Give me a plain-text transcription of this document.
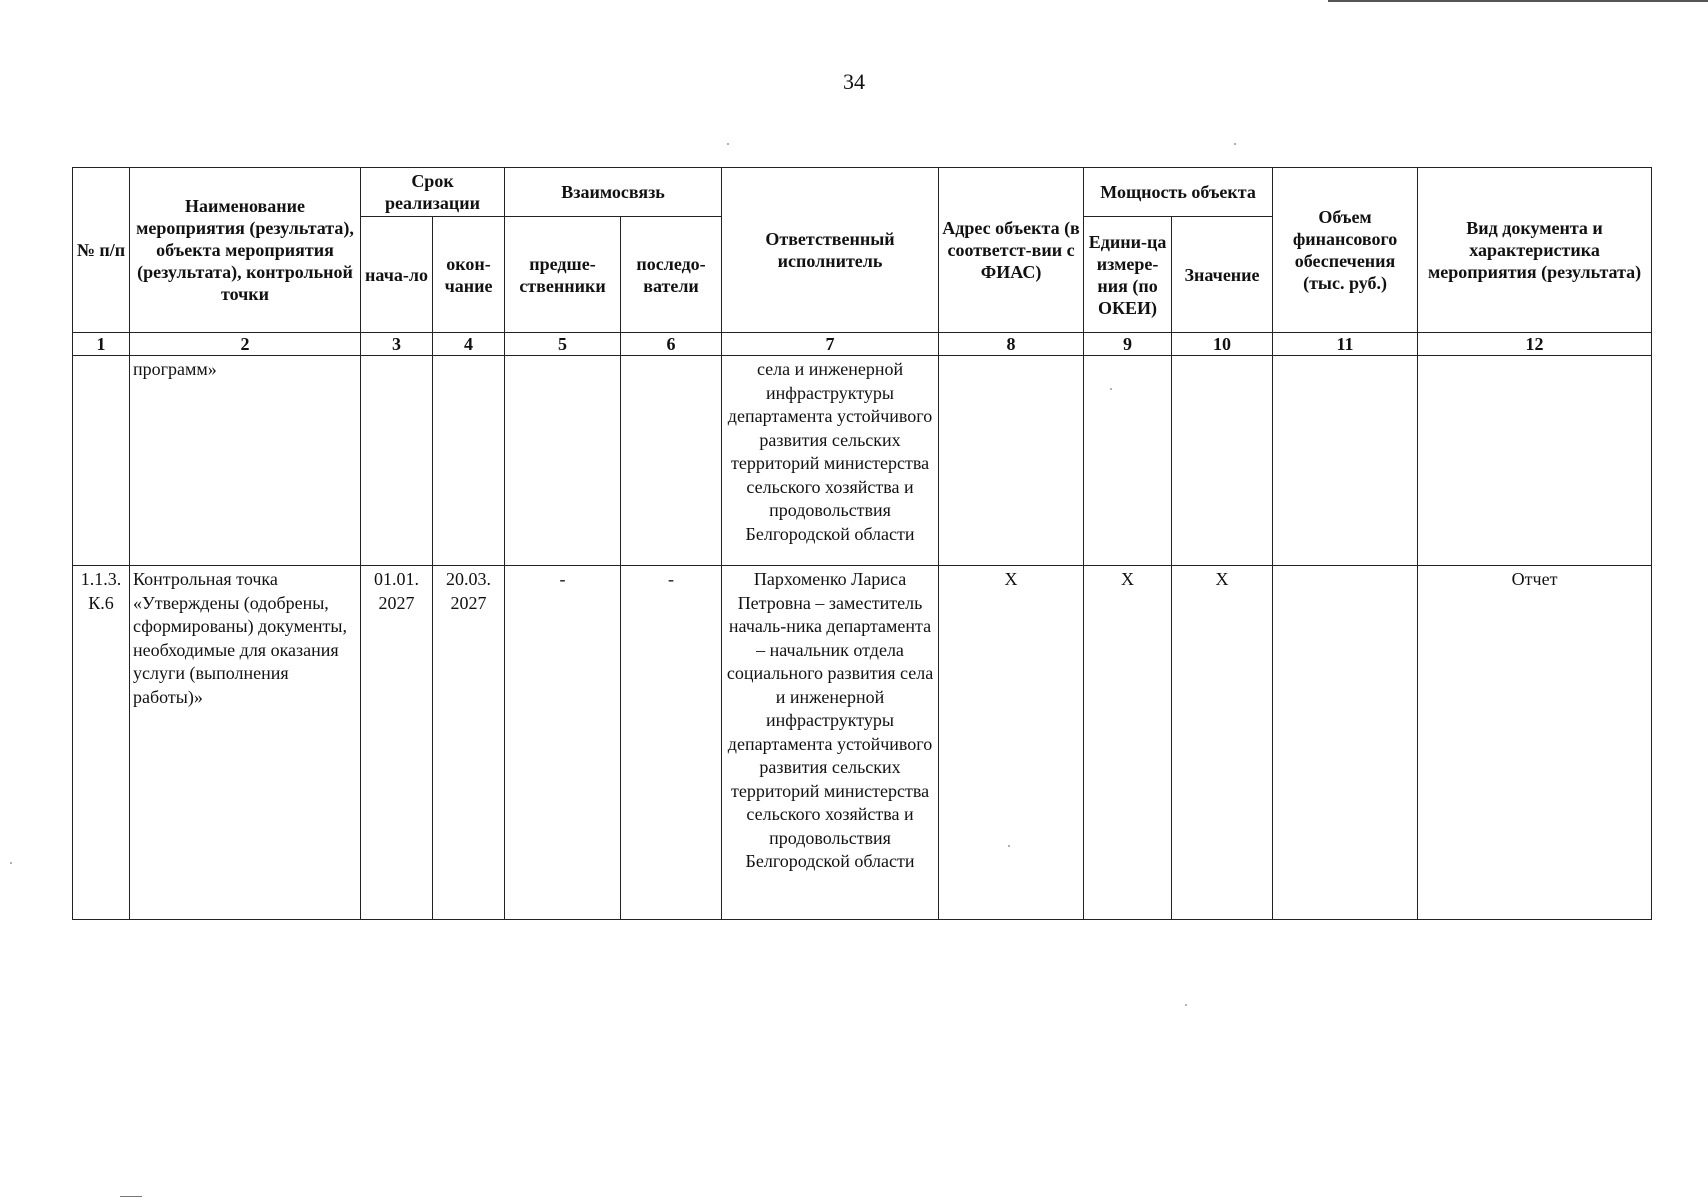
34
№ п/п	Наименование мероприятия (результата), объекта мероприятия (результата), контрольной точки	Срок реализации		Взаимосвязь		Ответственный исполнитель	Адрес объекта (в соответст-вии с ФИАС)	Мощность объекта		Объем финансового обеспечения (тыс. руб.)	Вид документа и характеристика мероприятия (результата)
		нача-ло	окон-чание	предше-ственники	последо-ватели			Едини-ца измере-ния (по ОКЕИ)	Значение		
1	2	3	4	5	6	7	8	9	10	11	12
	программ»					села и инженерной инфраструктуры департамента устойчивого развития сельских территорий министерства сельского хозяйства и продовольствия Белгородской области					
1.1.3. К.6	Контрольная точка «Утверждены (одобрены, сформированы) документы, необходимые для оказания услуги (выполнения работы)»	01.01. 2027	20.03. 2027	-	-	Пархоменко Лариса Петровна – заместитель началь-ника департамента – начальник отдела социального развития села и инженерной инфраструктуры департамента устойчивого развития сельских территорий министерства сельского хозяйства и продовольствия Белгородской области	Х	Х	Х		Отчет
